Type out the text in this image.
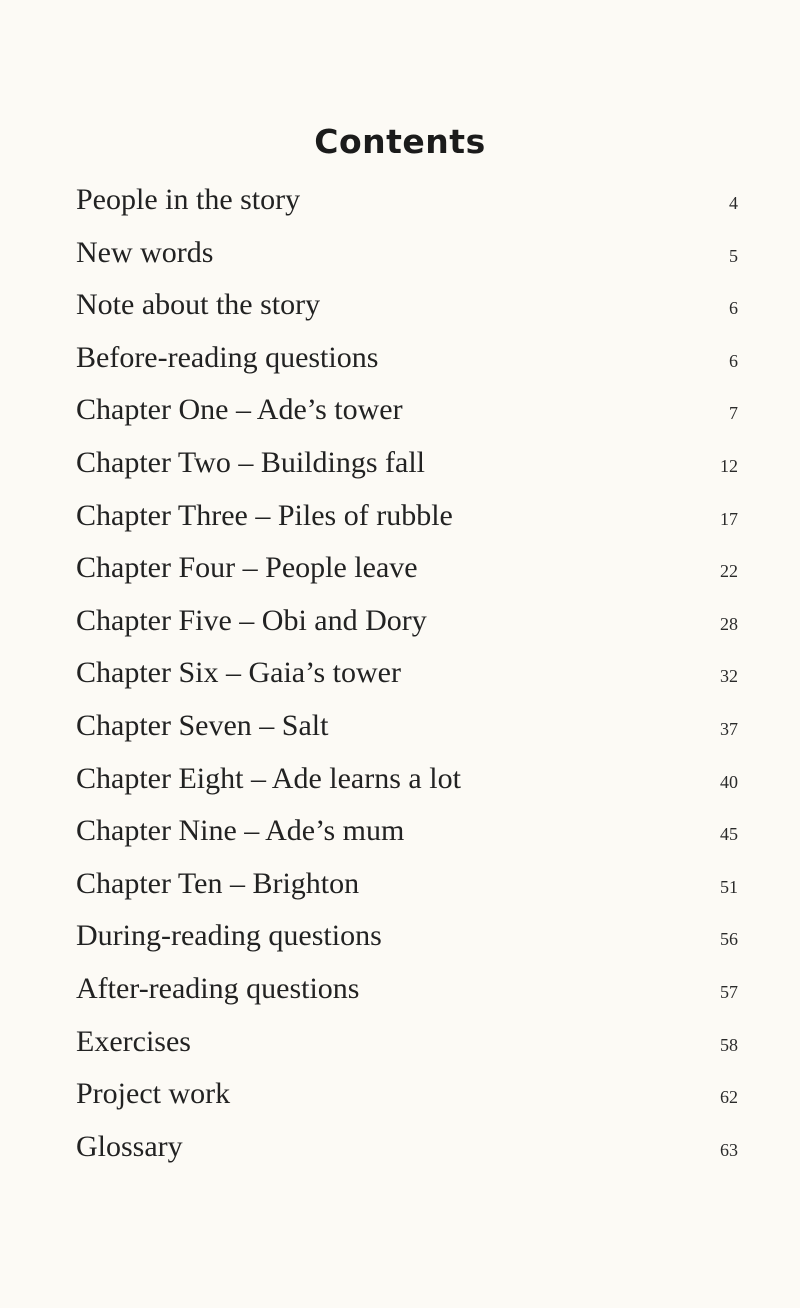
Contents
People in the story	4
New words	5
Note about the story	6
Before-reading questions	6
Chapter One – Ade’s tower	7
Chapter Two – Buildings fall	12
Chapter Three – Piles of rubble	17
Chapter Four – People leave	22
Chapter Five – Obi and Dory	28
Chapter Six – Gaia’s tower	32
Chapter Seven – Salt	37
Chapter Eight – Ade learns a lot	40
Chapter Nine – Ade’s mum	45
Chapter Ten – Brighton	51
During-reading questions	56
After-reading questions	57
Exercises	58
Project work	62
Glossary	63
